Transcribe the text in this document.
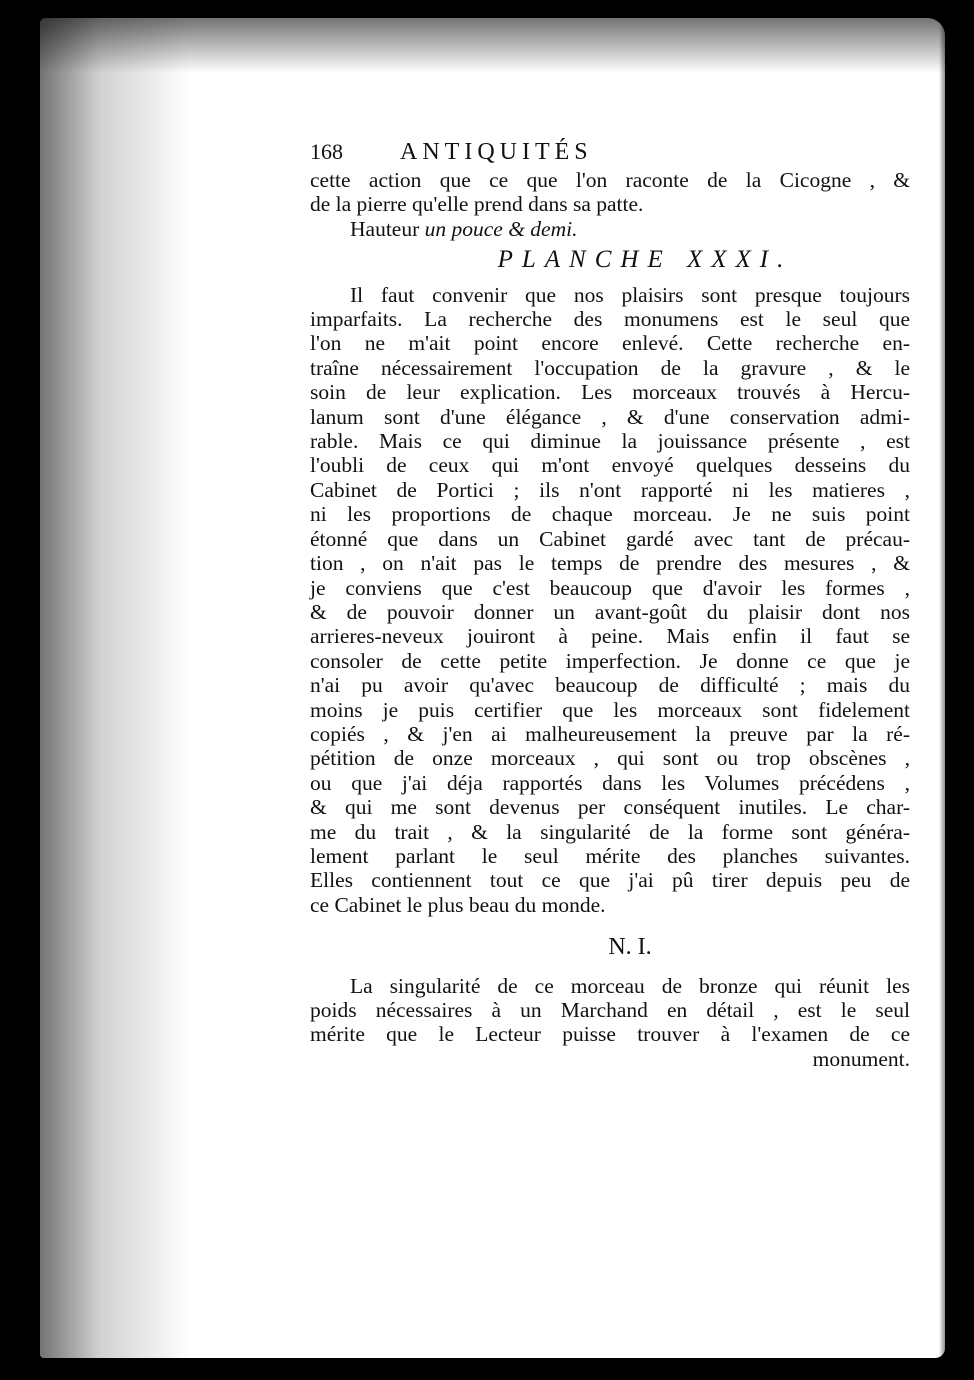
168	ANTIQUITÉS
cette action que ce que l'on raconte de la Cicogne , &
de la pierre qu'elle prend dans sa patte.
Hauteur un pouce & demi.
PLANCHE XXXI.
Il faut convenir que nos plaisirs sont presque toujours
imparfaits. La recherche des monumens est le seul que
l'on ne m'ait point encore enlevé. Cette recherche en-
traîne nécessairement l'occupation de la gravure , & le
soin de leur explication. Les morceaux trouvés à Hercu-
lanum sont d'une élégance , & d'une conservation admi-
rable. Mais ce qui diminue la jouissance présente , est
l'oubli de ceux qui m'ont envoyé quelques desseins du
Cabinet de Portici ; ils n'ont rapporté ni les matieres ,
ni les proportions de chaque morceau. Je ne suis point
étonné que dans un Cabinet gardé avec tant de précau-
tion , on n'ait pas le temps de prendre des mesures , &
je conviens que c'est beaucoup que d'avoir les formes ,
& de pouvoir donner un avant-goût du plaisir dont nos
arrieres-neveux jouiront à peine. Mais enfin il faut se
consoler de cette petite imperfection. Je donne ce que je
n'ai pu avoir qu'avec beaucoup de difficulté ; mais du
moins je puis certifier que les morceaux sont fidelement
copiés , & j'en ai malheureusement la preuve par la ré-
pétition de onze morceaux , qui sont ou trop obscènes ,
ou que j'ai déja rapportés dans les Volumes précédens ,
& qui me sont devenus per conséquent inutiles. Le char-
me du trait , & la singularité de la forme sont généra-
lement parlant le seul mérite des planches suivantes.
Elles contiennent tout ce que j'ai pû tirer depuis peu de
ce Cabinet le plus beau du monde.
N. I.
La singularité de ce morceau de bronze qui réunit les
poids nécessaires à un Marchand en détail , est le seul
mérite que le Lecteur puisse trouver à l'examen de ce
monument.
